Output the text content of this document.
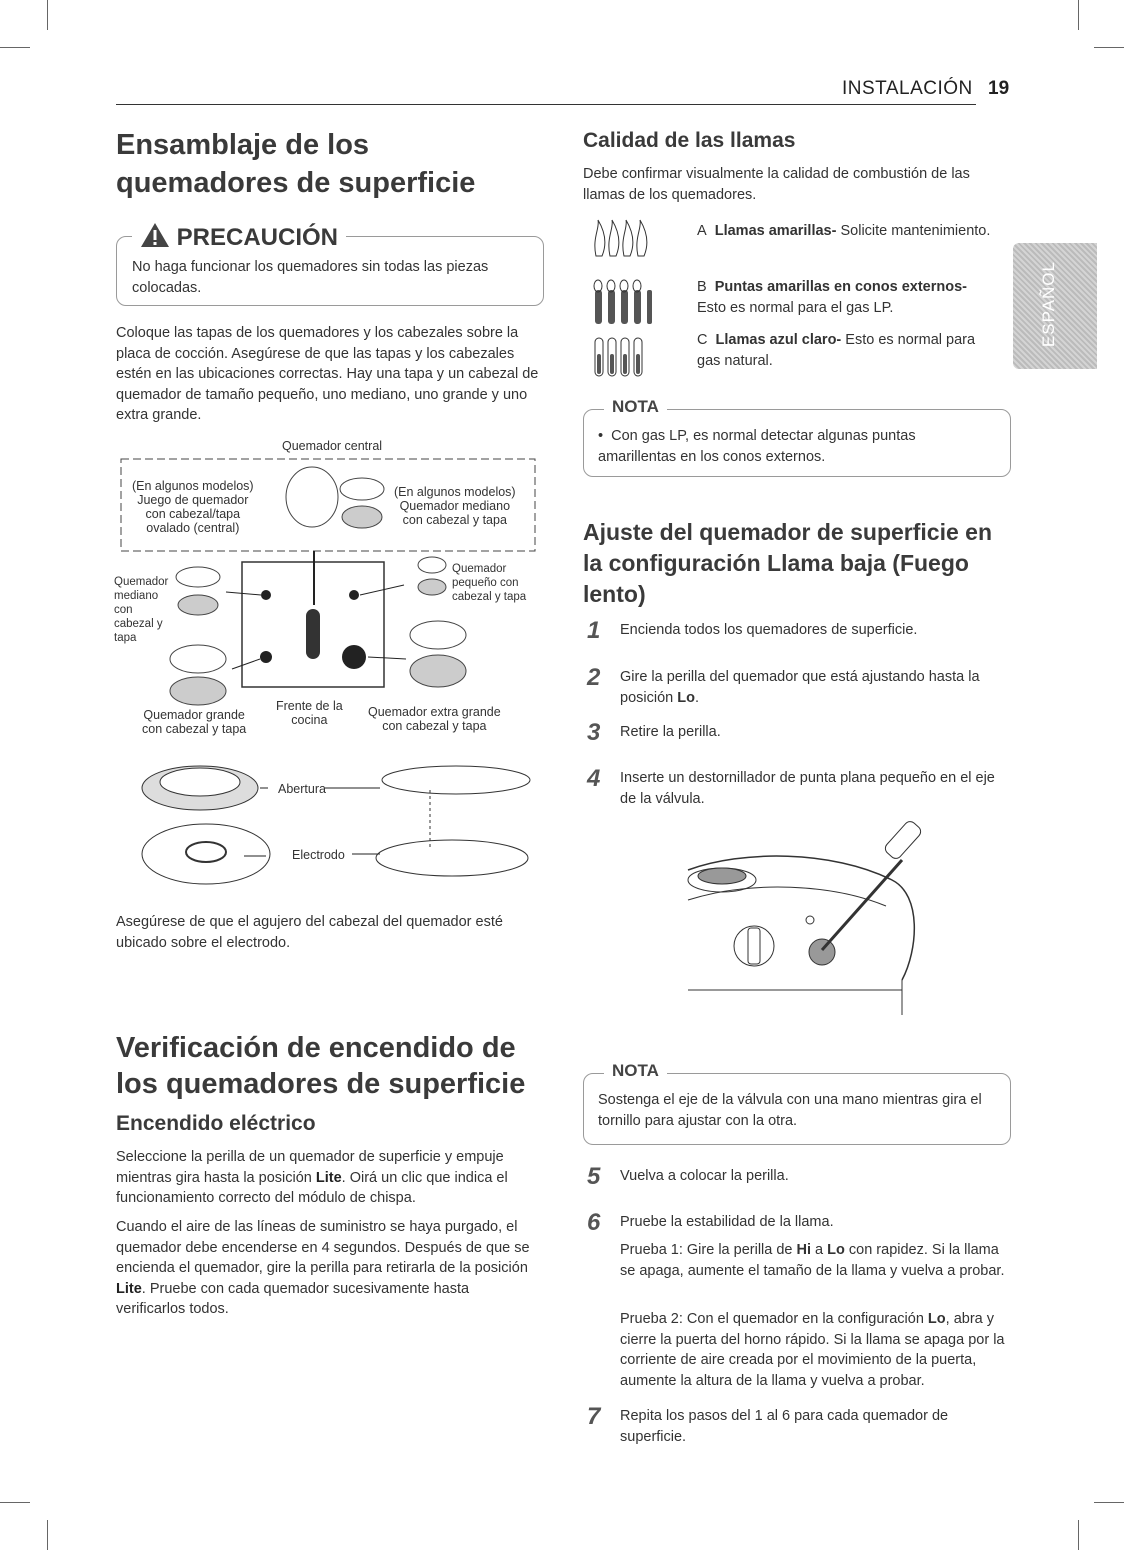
INSTALACIÓN 19
ESPAÑOL
Ensamblaje de los quemadores de superficie
PRECAUCIÓN

No haga funcionar los quemadores sin todas las piezas colocadas.

Coloque las tapas de los quemadores y los cabezales sobre la placa de cocción. Asegúrese de que las tapas y los cabezales estén en las ubicaciones correctas. Hay una tapa y un cabezal de quemador de tamaño pequeño, uno mediano, uno grande y uno extra grande.

Quemador central
(En algunos modelos)
Juego de quemador
con cabezal/tapa
ovalado (central)
(En algunos modelos)
Quemador mediano
con cabezal y tapa
Quemador
mediano
con
cabezal y
tapa
Quemador
pequeño con
cabezal y tapa
Quemador grande
con cabezal y tapa
Frente de la
cocina
Quemador extra grande
con cabezal y tapa
Abertura
Electrodo

Asegúrese de que el agujero del cabezal del quemador esté ubicado sobre el electrodo.

Verificación de encendido de los quemadores de superficie
Encendido eléctrico

Seleccione la perilla de un quemador de superficie y empuje mientras gira hasta la posición Lite. Oirá un clic que indica el funcionamiento correcto del módulo de chispa.

Cuando el aire de las líneas de suministro se haya purgado, el quemador debe encenderse en 4 segundos. Después de que se encienda el quemador, gire la perilla para retirarla de la posición Lite. Pruebe con cada quemador sucesivamente hasta verificarlos todos.

Calidad de las llamas

Debe confirmar visualmente la calidad de combustión de las llamas de los quemadores.

A Llamas amarillas- Solicite mantenimiento.
B Puntas amarillas en conos externos-
Esto es normal para el gas LP.
C Llamas azul claro- Esto es normal para
gas natural.
NOTA
•  Con gas LP, es normal detectar algunas puntas amarillentas en los conos externos.
Ajuste del quemador de superficie en la configuración Llama baja (Fuego lento)
1 Encienda todos los quemadores de superficie.
2 Gire la perilla del quemador que está ajustando hasta la posición Lo.
3 Retire la perilla.
4 Inserte un destornillador de punta plana pequeño en el eje de la válvula.
NOTA
Sostenga el eje de la válvula con una mano mientras gira el tornillo para ajustar con la otra.
5 Vuelva a colocar la perilla.
6 Pruebe la estabilidad de la llama.
Prueba 1: Gire la perilla de Hi a Lo con rapidez. Si la llama se apaga, aumente el tamaño de la llama y vuelva a probar.
Prueba 2: Con el quemador en la configuración Lo, abra y cierre la puerta del horno rápido. Si la llama se apaga por la corriente de aire creada por el movimiento de la puerta, aumente la altura de la llama y vuelva a probar.
7 Repita los pasos del 1 al 6 para cada quemador de superficie.
